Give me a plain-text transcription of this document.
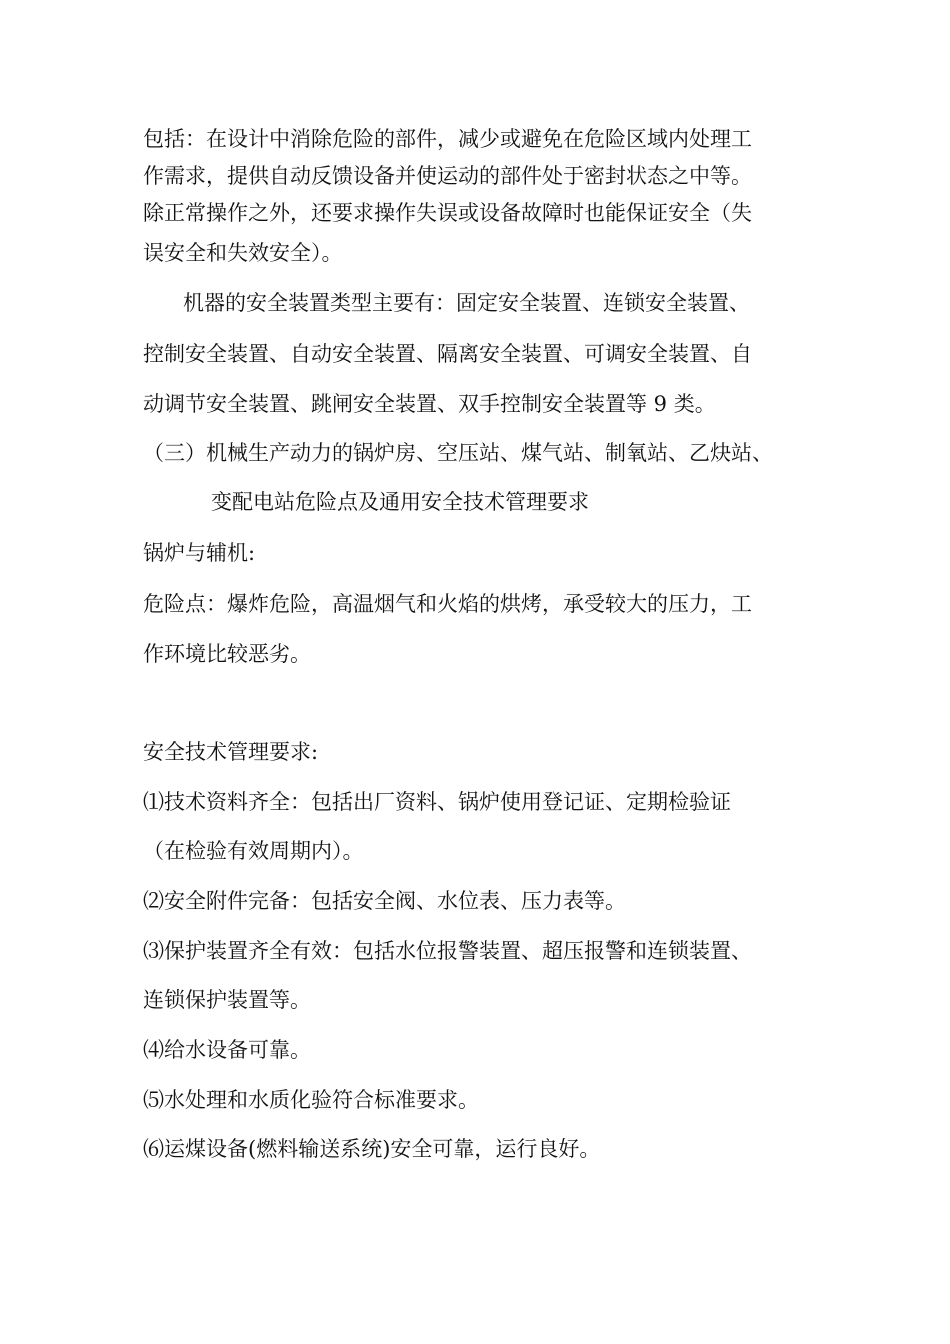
包括：在设计中消除危险的部件，减少或避免在危险区域内处理工
作需求，提供自动反馈设备并使运动的部件处于密封状态之中等。
除正常操作之外，还要求操作失误或设备故障时也能保证安全（失
误安全和失效安全）。
机器的安全装置类型主要有：固定安全装置、连锁安全装置、
控制安全装置、自动安全装置、隔离安全装置、可调安全装置、自
动调节安全装置、跳闸安全装置、双手控制安全装置等 9 类。
（三）机械生产动力的锅炉房、空压站、煤气站、制氧站、乙炔站、
变配电站危险点及通用安全技术管理要求
锅炉与辅机:
危险点：爆炸危险，高温烟气和火焰的烘烤，承受较大的压力，工
作环境比较恶劣。
安全技术管理要求:
⑴技术资料齐全：包括出厂资料、锅炉使用登记证、定期检验证
（在检验有效周期内）。
⑵安全附件完备：包括安全阀、水位表、压力表等。
⑶保护装置齐全有效：包括水位报警装置、超压报警和连锁装置、
连锁保护装置等。
⑷给水设备可靠。
⑸水处理和水质化验符合标准要求。
⑹运煤设备(燃料输送系统)安全可靠，运行良好。
